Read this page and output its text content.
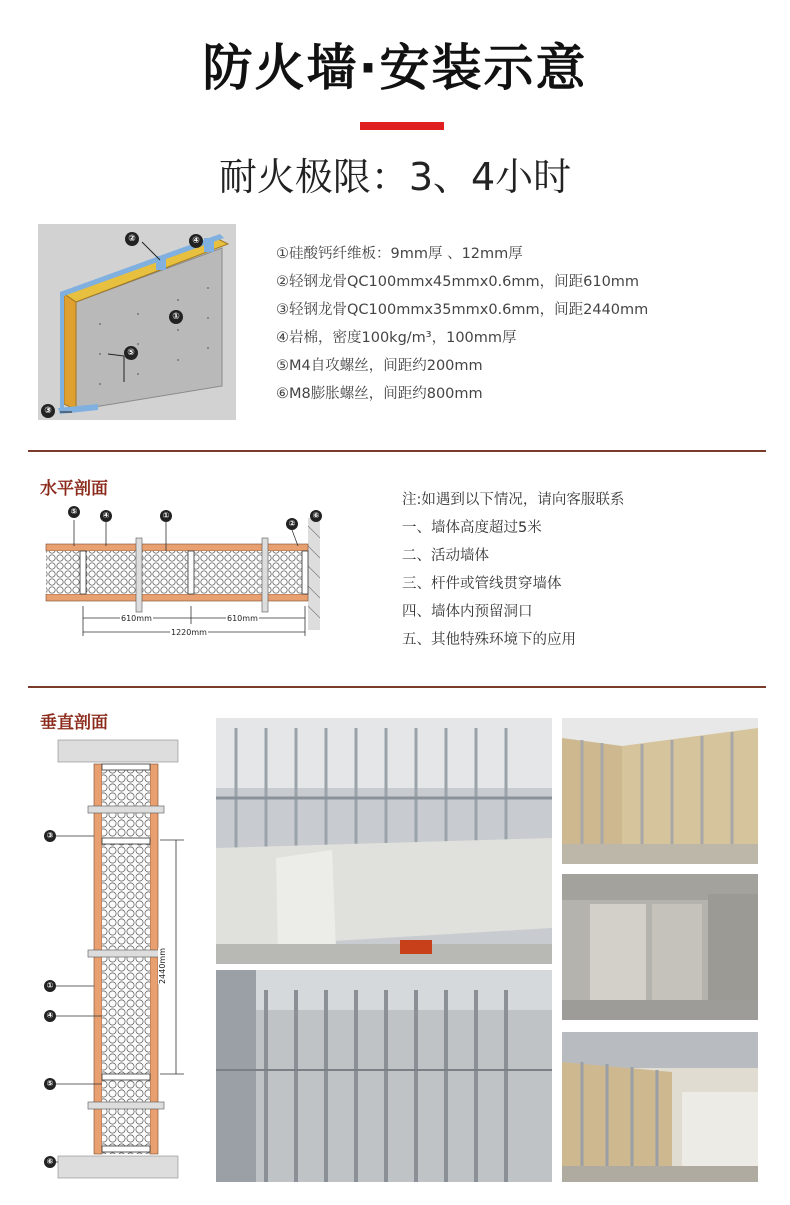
防火墙·安装示意
耐火极限：3、4小时
②	④
①
⑤
③
①硅酸钙纤维板：9mm厚 、12mm厚
②轻钢龙骨QC100mmx45mmx0.6mm，间距610mm
③轻钢龙骨QC100mmx35mmx0.6mm，间距2440mm
④岩棉，密度100kg/m³，100mm厚
⑤M4自攻螺丝，间距约200mm
⑥M8膨胀螺丝，间距约800mm
水平剖面
⑤	④	①
②
⑥
610mm	610mm
1220mm
注:如遇到以下情况，请向客服联系
一、墙体高度超过5米
二、活动墙体
三、杆件或管线贯穿墙体
四、墙体内预留洞口
五、其他特殊环境下的应用
垂直剖面
③
①
④
⑤
⑥
2440mm
